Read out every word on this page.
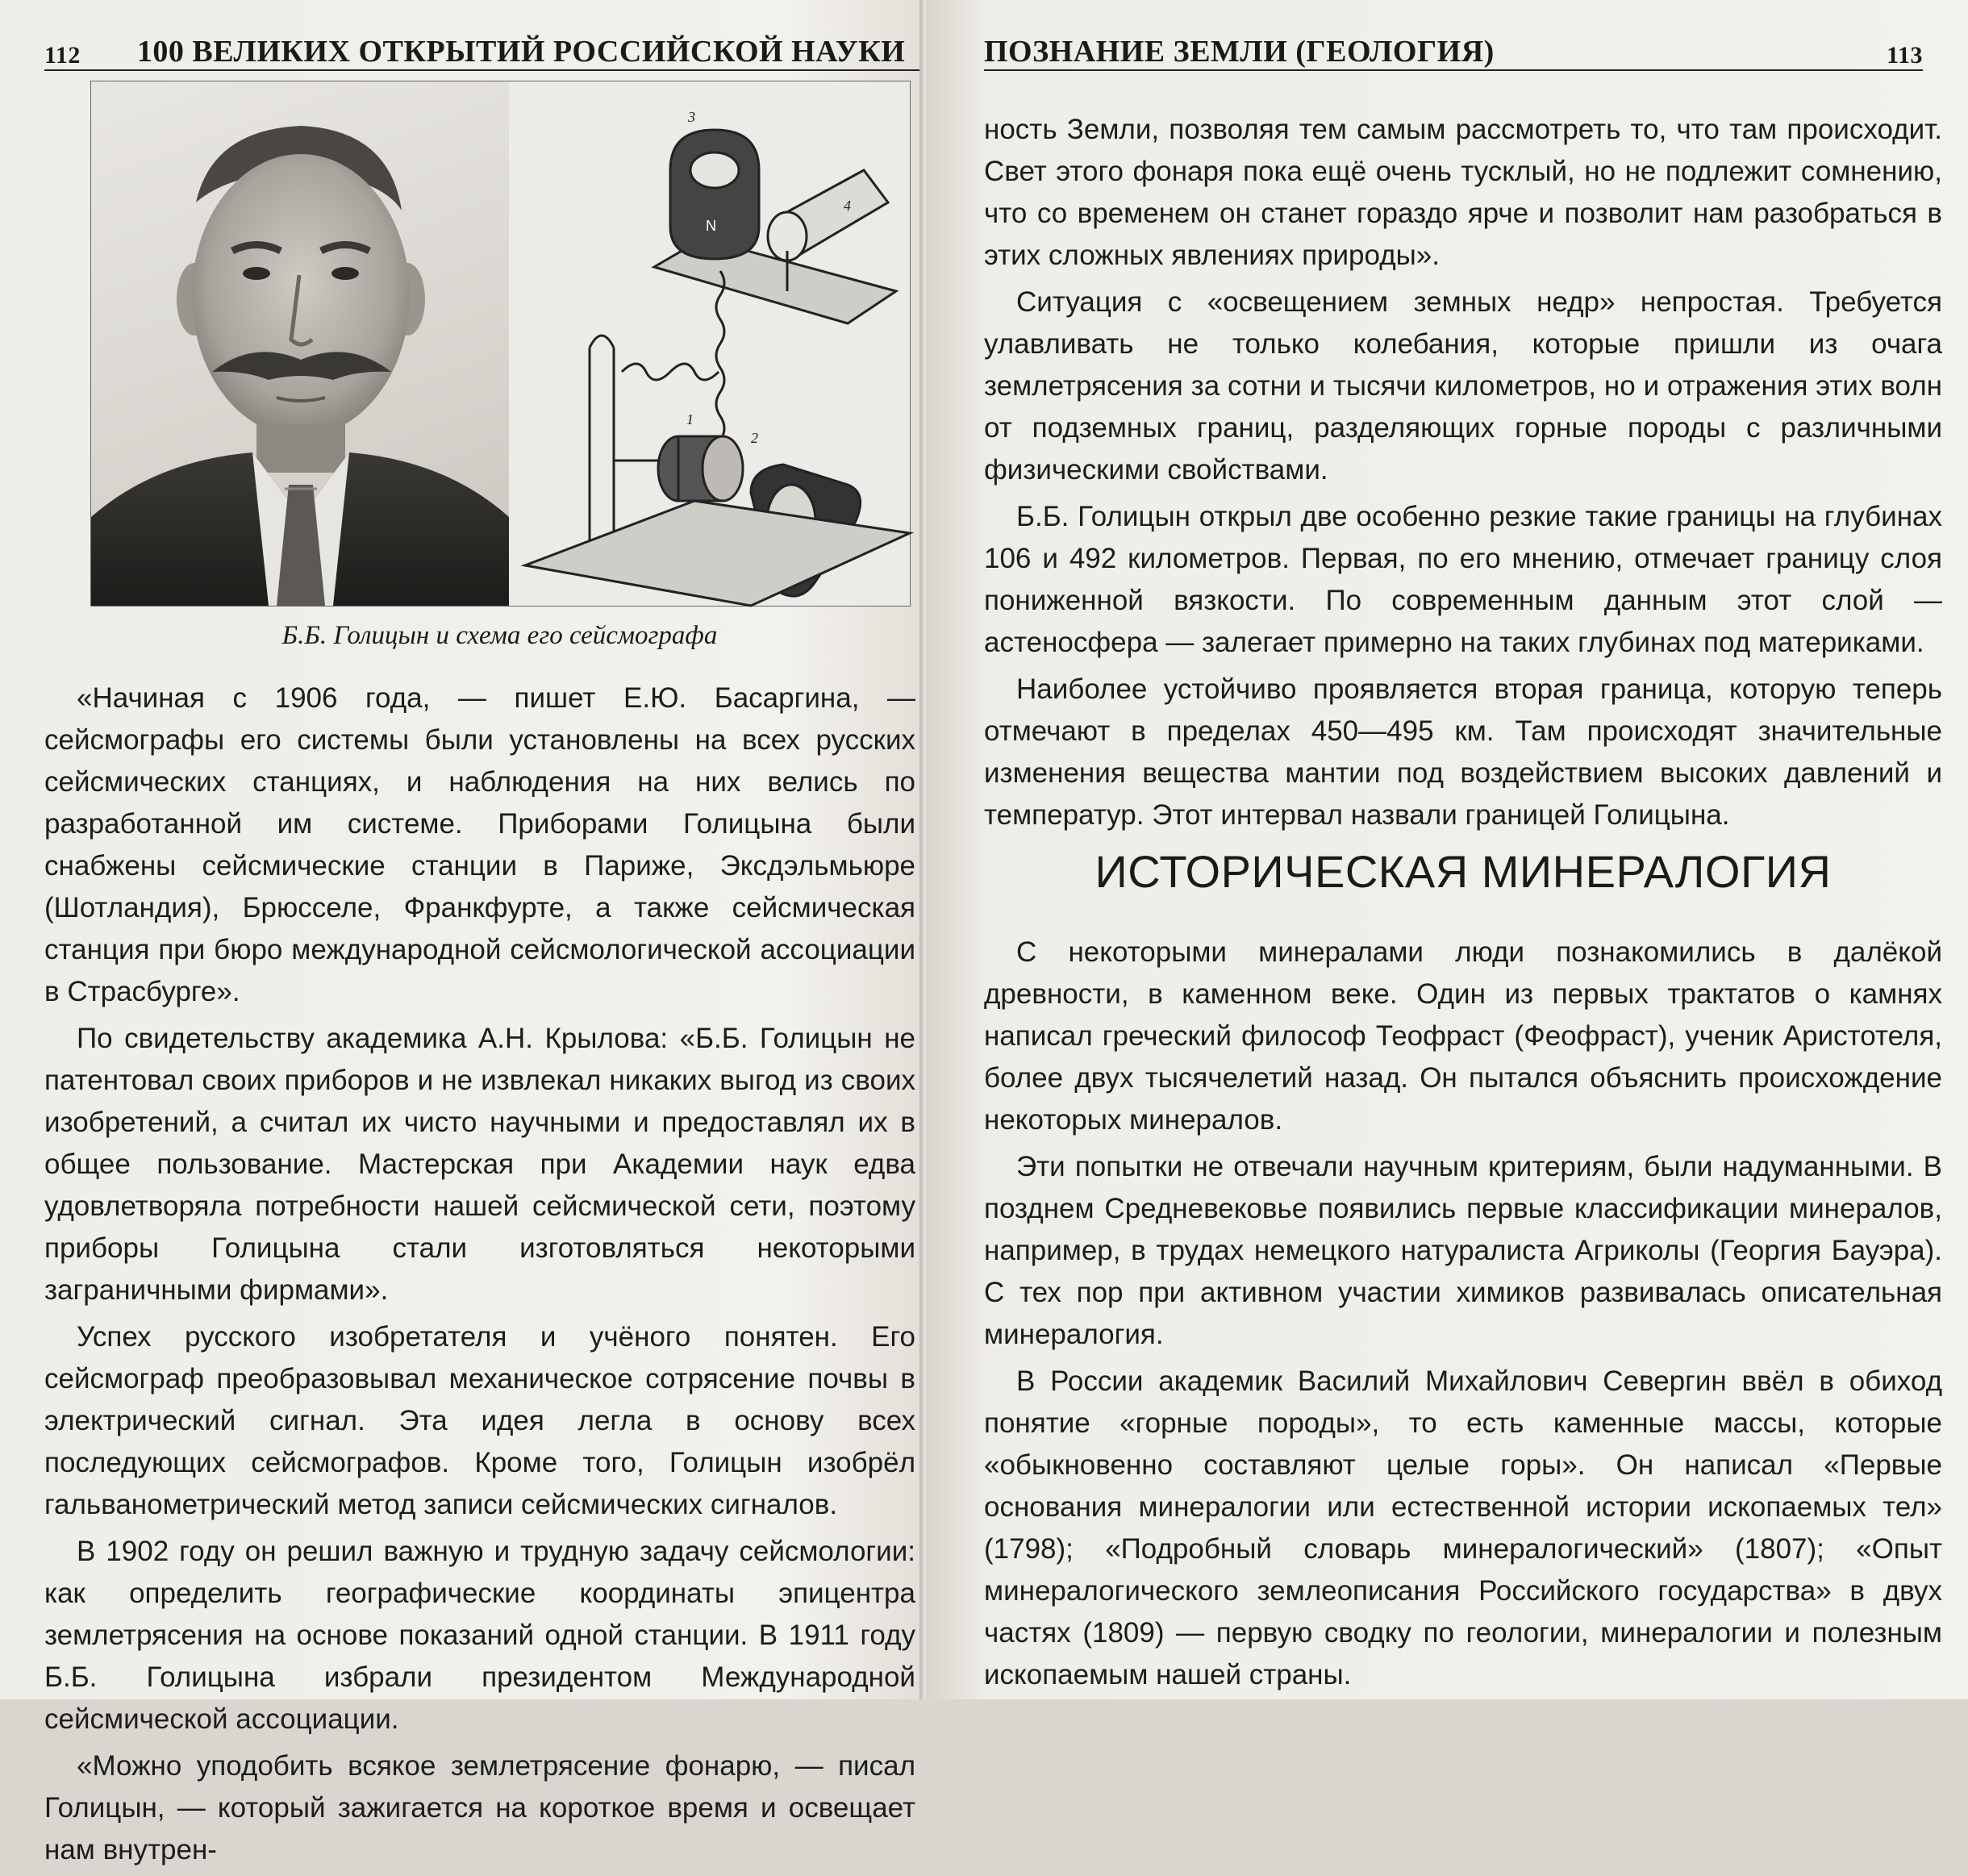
112 100 ВЕЛИКИХ ОТКРЫТИЙ РОССИЙСКОЙ НАУКИ
3
4
N
1
2
Б.Б. Голицын и схема его сейсмографа

«Начиная с 1906 года, — пишет Е.Ю. Басаргина, — сейсмографы его системы были установлены на всех русских сейсмических станциях, и наблюдения на них велись по разработанной им системе. Приборами Голицына были снабжены сейсмические станции в Париже, Эксдэльмьюре (Шотландия), Брюсселе, Франкфурте, а также сейсмическая станция при бюро международной сейсмологической ассоциации в Страсбурге».

По свидетельству академика А.Н. Крылова: «Б.Б. Голицын не патентовал своих приборов и не извлекал никаких выгод из своих изобретений, а считал их чисто научными и предоставлял их в общее пользование. Мастерская при Академии наук едва удовлетворяла потребности нашей сейсмической сети, поэтому приборы Голицына стали изготовляться некоторыми заграничными фирмами».

Успех русского изобретателя и учёного понятен. Его сейсмограф преобразовывал механическое сотрясение почвы в электрический сигнал. Эта идея легла в основу всех последующих сейсмографов. Кроме того, Голицын изобрёл гальванометрический метод записи сейсмических сигналов.

В 1902 году он решил важную и трудную задачу сейсмологии: как определить географические координаты эпицентра землетрясения на основе показаний одной станции. В 1911 году Б.Б. Голицына избрали президентом Международной сейсмической ассоциации.

«Можно уподобить всякое землетрясение фонарю, — писал Голицын, — который зажигается на короткое время и освещает нам внутрен-

ПОЗНАНИЕ ЗЕМЛИ (ГЕОЛОГИЯ)	113

ность Земли, позволяя тем самым рассмотреть то, что там происходит. Свет этого фонаря пока ещё очень тусклый, но не подлежит сомнению, что со временем он станет гораздо ярче и позволит нам разобраться в этих сложных явлениях природы».

Ситуация с «освещением земных недр» непростая. Требуется улавливать не только колебания, которые пришли из очага землетрясения за сотни и тысячи километров, но и отражения этих волн от подземных границ, разделяющих горные породы с различными физическими свойствами.

Б.Б. Голицын открыл две особенно резкие такие границы на глубинах 106 и 492 километров. Первая, по его мнению, отмечает границу слоя пониженной вязкости. По современным данным этот слой — астеносфера — залегает примерно на таких глубинах под материками.

Наиболее устойчиво проявляется вторая граница, которую теперь отмечают в пределах 450—495 км. Там происходят значительные изменения вещества мантии под воздействием высоких давлений и температур. Этот интервал назвали границей Голицына.

ИСТОРИЧЕСКАЯ МИНЕРАЛОГИЯ

С некоторыми минералами люди познакомились в далёкой древности, в каменном веке. Один из первых трактатов о камнях написал греческий философ Теофраст (Феофраст), ученик Аристотеля, более двух тысячелетий назад. Он пытался объяснить происхождение некоторых минералов.

Эти попытки не отвечали научным критериям, были надуманными. В позднем Средневековье появились первые классификации минералов, например, в трудах немецкого натуралиста Агриколы (Георгия Бауэра). С тех пор при активном участии химиков развивалась описательная минералогия.

В России академик Василий Михайлович Севергин ввёл в обиход понятие «горные породы», то есть каменные массы, которые «обыкновенно составляют целые горы». Он написал «Первые основания минералогии или естественной истории ископаемых тел» (1798); «Подробный словарь минералогический» (1807); «Опыт минералогического землеописания Российского государства» в двух частях (1809) — первую сводку по геологии, минералогии и полезным ископаемым нашей страны.
